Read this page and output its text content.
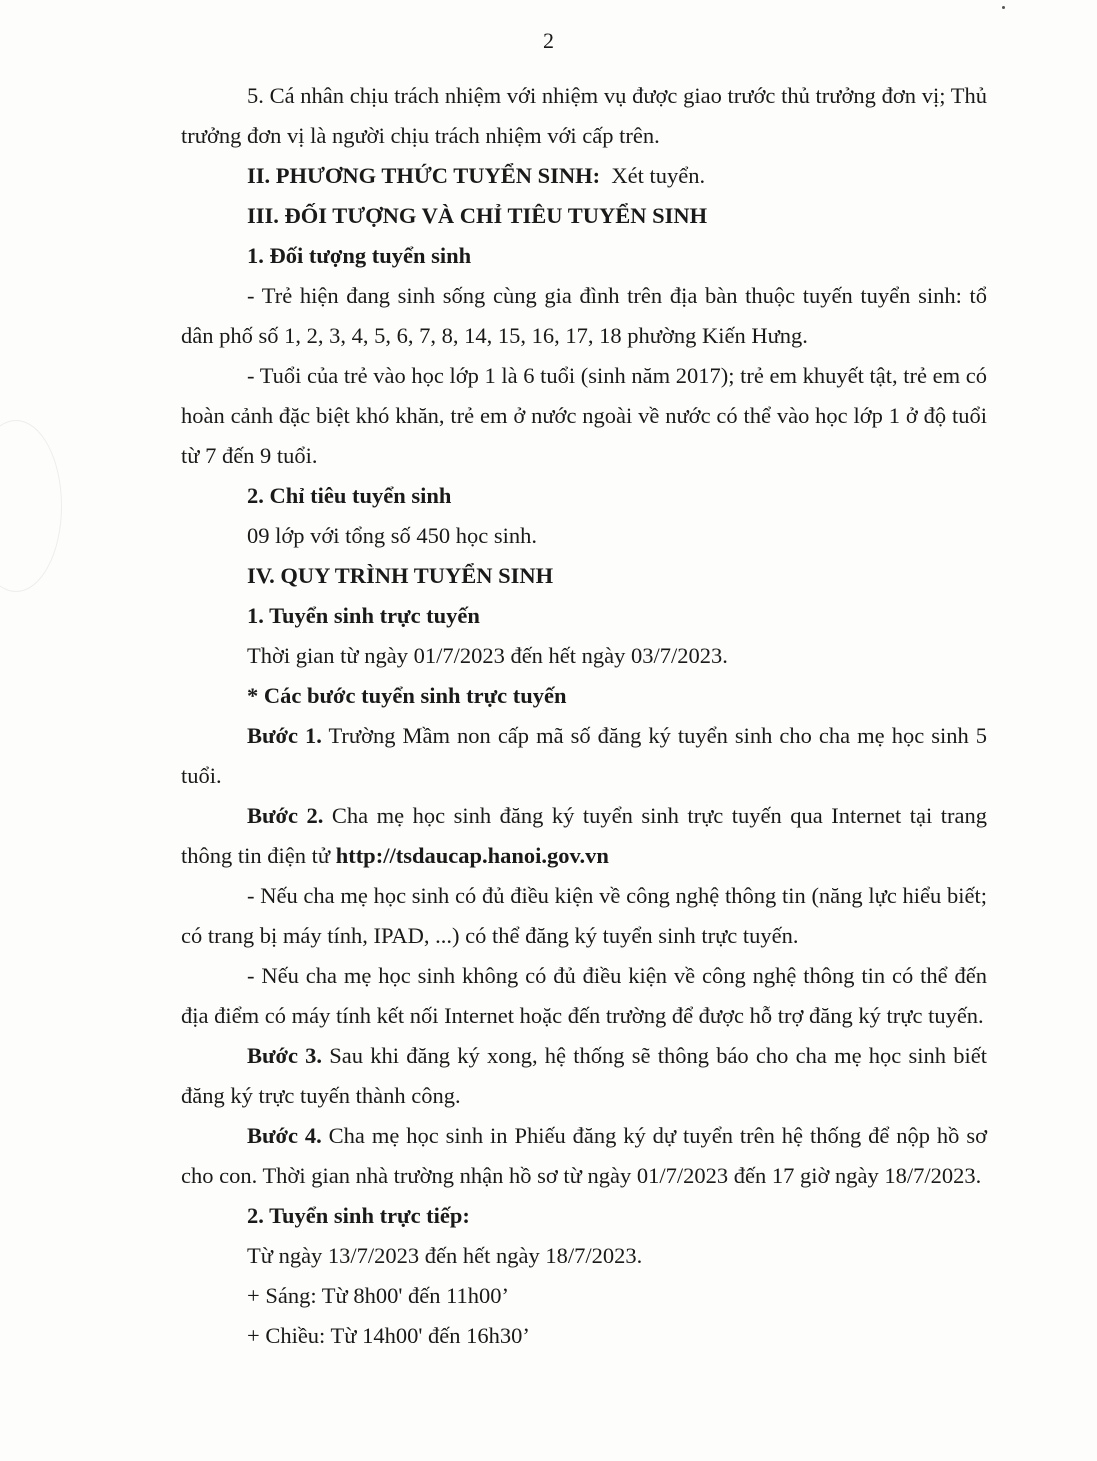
2

5. Cá nhân chịu trách nhiệm với nhiệm vụ được giao trước thủ trưởng đơn vị; Thủ trưởng đơn vị là người chịu trách nhiệm với cấp trên.

II. PHƯƠNG THỨC TUYỂN SINH: Xét tuyển.

III. ĐỐI TƯỢNG VÀ CHỈ TIÊU TUYỂN SINH

1. Đối tượng tuyển sinh

- Trẻ hiện đang sinh sống cùng gia đình trên địa bàn thuộc tuyến tuyển sinh: tổ dân phố số 1, 2, 3, 4, 5, 6, 7, 8, 14, 15, 16, 17, 18 phường Kiến Hưng.

- Tuổi của trẻ vào học lớp 1 là 6 tuổi (sinh năm 2017); trẻ em khuyết tật, trẻ em có hoàn cảnh đặc biệt khó khăn, trẻ em ở nước ngoài về nước có thể vào học lớp 1 ở độ tuổi từ 7 đến 9 tuổi.

2. Chỉ tiêu tuyển sinh

09 lớp với tổng số 450 học sinh.

IV. QUY TRÌNH TUYỂN SINH

1. Tuyển sinh trực tuyến

Thời gian từ ngày 01/7/2023 đến hết ngày 03/7/2023.

* Các bước tuyển sinh trực tuyến

Bước 1. Trường Mầm non cấp mã số đăng ký tuyển sinh cho cha mẹ học sinh 5 tuổi.

Bước 2. Cha mẹ học sinh đăng ký tuyển sinh trực tuyến qua Internet tại trang thông tin điện tử http://tsdaucap.hanoi.gov.vn

- Nếu cha mẹ học sinh có đủ điều kiện về công nghệ thông tin (năng lực hiểu biết; có trang bị máy tính, IPAD, ...) có thể đăng ký tuyển sinh trực tuyến.

- Nếu cha mẹ học sinh không có đủ điều kiện về công nghệ thông tin có thể đến địa điểm có máy tính kết nối Internet hoặc đến trường để được hỗ trợ đăng ký trực tuyến.

Bước 3. Sau khi đăng ký xong, hệ thống sẽ thông báo cho cha mẹ học sinh biết đăng ký trực tuyến thành công.

Bước 4. Cha mẹ học sinh in Phiếu đăng ký dự tuyển trên hệ thống để nộp hồ sơ cho con. Thời gian nhà trường nhận hồ sơ từ ngày 01/7/2023 đến 17 giờ ngày 18/7/2023.

2. Tuyển sinh trực tiếp:

Từ ngày 13/7/2023 đến hết ngày 18/7/2023.

+ Sáng: Từ 8h00' đến 11h00’

+ Chiều: Từ 14h00' đến 16h30’
